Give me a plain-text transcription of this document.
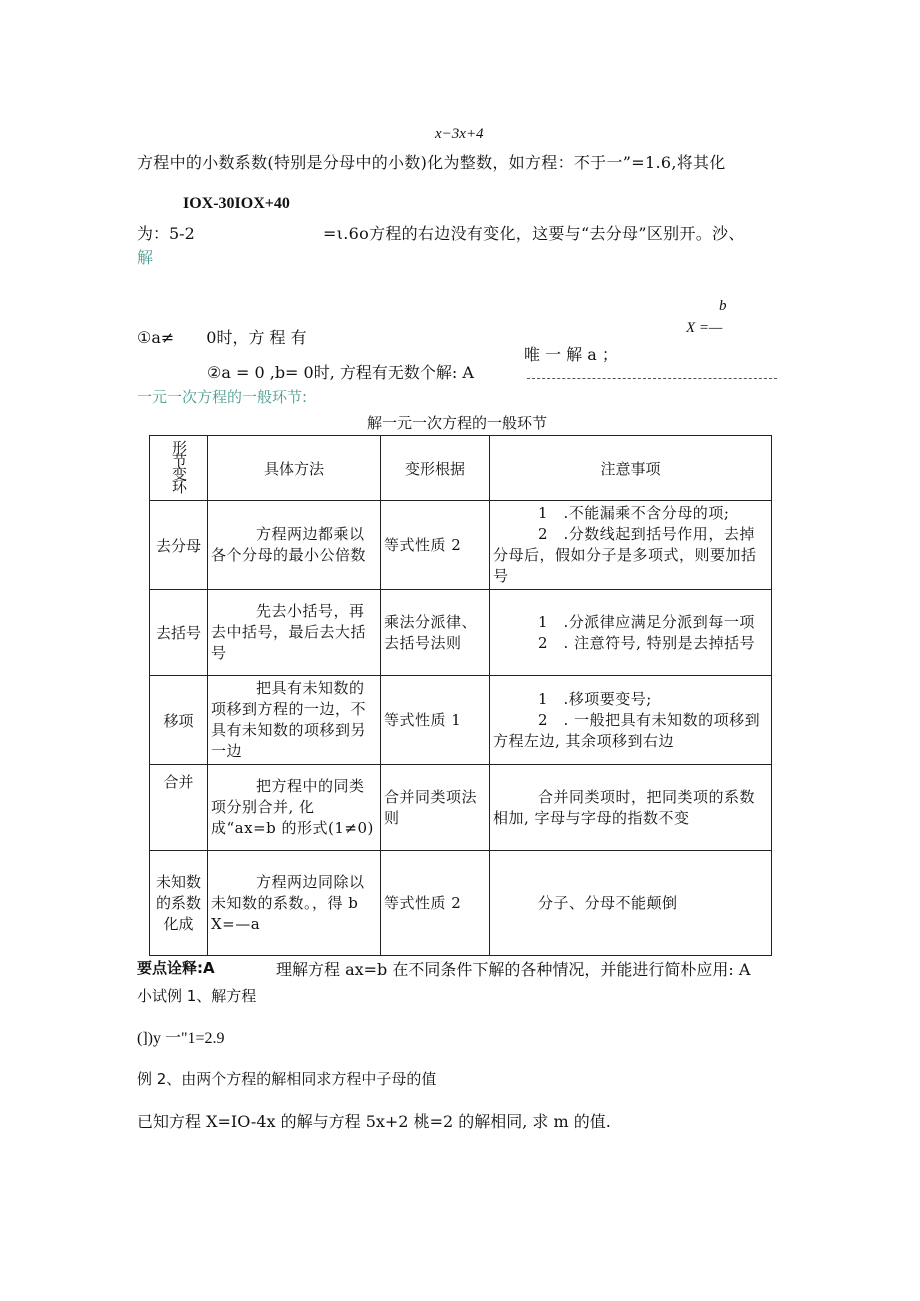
x−3x+4
方程中的小数系数(特别是分母中的小数)化为整数，如方程：不于一”=1.6,将其化
IOX-30IOX+40
为：5-2	=ι.6o方程的右边没有变化，这要与“去分母”区别开。沙、
解
b
X =—
①a≠　　0时，方 程 有
唯 一 解 a ；
②a = 0 ,b= 0时, 方程有无数个解: A
一元一次方程的一般环节:
解一元一次方程的一般环节
形
节
变
环	具体方法	变形根据	注意事项
去分母	方程两边都乘以各个分母的最小公倍数	等式性质 2	1　.不能漏乘不含分母的项;
2　.分数线起到括号作用，去掉分母后，假如分子是多项式，则要加括号

去括号	先去小括号，再去中括号，最后去大括号	乘法分派律、去括号法则	1　.分派律应满足分派到每一项
2　. 注意符号, 特别是去掉括号

移项	把具有未知数的项移到方程的一边，不具有未知数的项移到另一边	等式性质 1	1　.移项要变号;
2　. 一般把具有未知数的项移到方程左边, 其余项移到右边

合并	把方程中的同类项分别合并, 化成“ax=b 的形式(1≠0)	合并同类项法则	合并同类项时，把同类项的系数相加, 字母与字母的指数不变

未知数的系数化成	方程两边同除以未知数的系数。，得 b X=—a	等式性质 2	分子、分母不能颠倒
要点诠释:A	理解方程 ax=b 在不同条件下解的各种情况，并能进行简朴应用: A
小试例 1、解方程
(])y 一"1=2.9
例 2、由两个方程的解相同求方程中子母的值
已知方程 X=IO-4x 的解与方程 5x+2 桃=2 的解相同, 求 m 的值.
